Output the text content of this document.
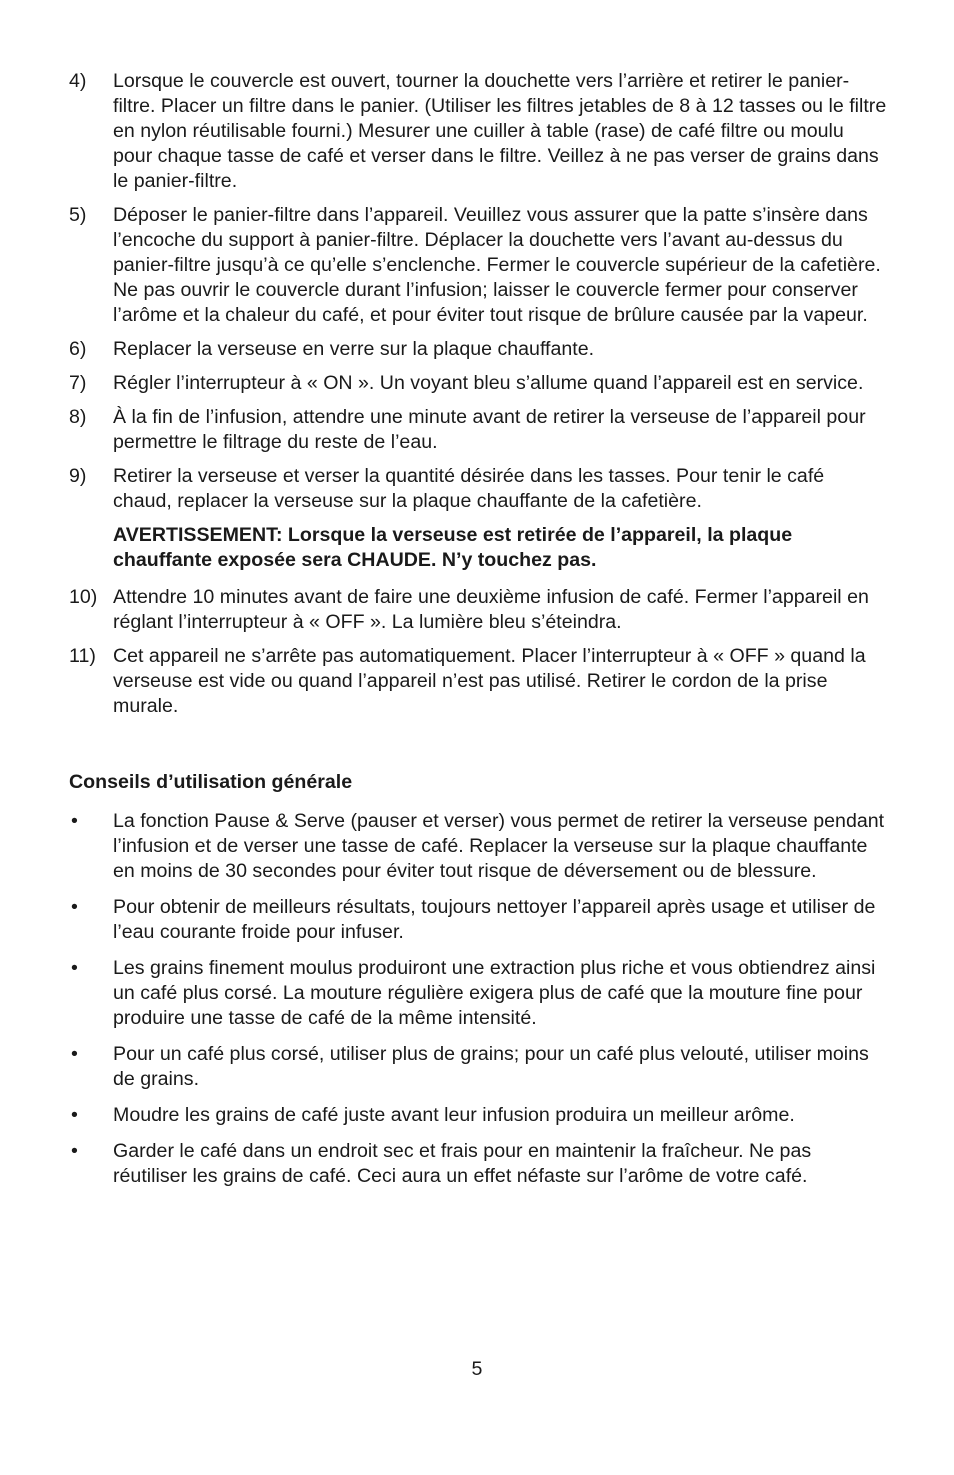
4)	Lorsque le couvercle est ouvert, tourner la douchette vers l’arrière et retirer le panier-filtre. Placer un filtre dans le panier. (Utiliser les filtres jetables de 8 à 12 tasses ou le filtre en nylon réutilisable fourni.) Mesurer une cuiller à table (rase) de café filtre ou moulu pour chaque tasse de café et verser dans le filtre. Veillez à ne pas verser de grains dans le panier-filtre.
5)	Déposer le panier-filtre dans l’appareil. Veuillez vous assurer que la patte s’insère dans l’encoche du support à panier-filtre. Déplacer la douchette vers l’avant au-dessus du panier-filtre jusqu’à ce qu’elle s’enclenche. Fermer le couvercle supérieur de la cafetière. Ne pas ouvrir le couvercle durant l’infusion; laisser le couvercle fermer pour conserver l’arôme et la chaleur du café, et pour éviter tout risque de brûlure causée par la vapeur.
6)	Replacer la verseuse en verre sur la plaque chauffante.
7)	Régler l’interrupteur à « ON ». Un voyant bleu s’allume quand l’appareil est en service.
8)	À la fin de l’infusion, attendre une minute avant de retirer la verseuse de l’appareil pour permettre le filtrage du reste de l’eau.
9)	Retirer la verseuse et verser la quantité désirée dans les tasses. Pour tenir le café chaud, replacer la verseuse sur la plaque chauffante de la cafetière.
AVERTISSEMENT: Lorsque la verseuse est retirée de l’appareil, la plaque chauffante exposée sera CHAUDE. N’y touchez pas.
10) Attendre 10 minutes avant de faire une deuxième infusion de café. Fermer l’appareil en réglant l’interrupteur à « OFF ». La lumière bleu s’éteindra.
11) Cet appareil ne s’arrête pas automatiquement. Placer l’interrupteur à « OFF » quand la verseuse est vide ou quand l’appareil n’est pas utilisé. Retirer le cordon de la prise murale.
Conseils d’utilisation générale
•	La fonction Pause & Serve (pauser et verser) vous permet de retirer la verseuse pendant l’infusion et de verser une tasse de café. Replacer la verseuse sur la plaque chauffante en moins de 30 secondes pour éviter tout risque de déversement ou de blessure.
•	Pour obtenir de meilleurs résultats, toujours nettoyer l’appareil après usage et utiliser de l’eau courante froide pour infuser.
•	Les grains finement moulus produiront une extraction plus riche et vous obtiendrez ainsi un café plus corsé. La mouture régulière exigera plus de café que la mouture fine pour produire une tasse de café de la même intensité.
•	Pour un café plus corsé, utiliser plus de grains; pour un café plus velouté, utiliser moins de grains.
•	Moudre les grains de café juste avant leur infusion produira un meilleur arôme.
•	Garder le café dans un endroit sec et frais pour en maintenir la fraîcheur. Ne pas réutiliser les grains de café. Ceci aura un effet néfaste sur l’arôme de votre café.
5
